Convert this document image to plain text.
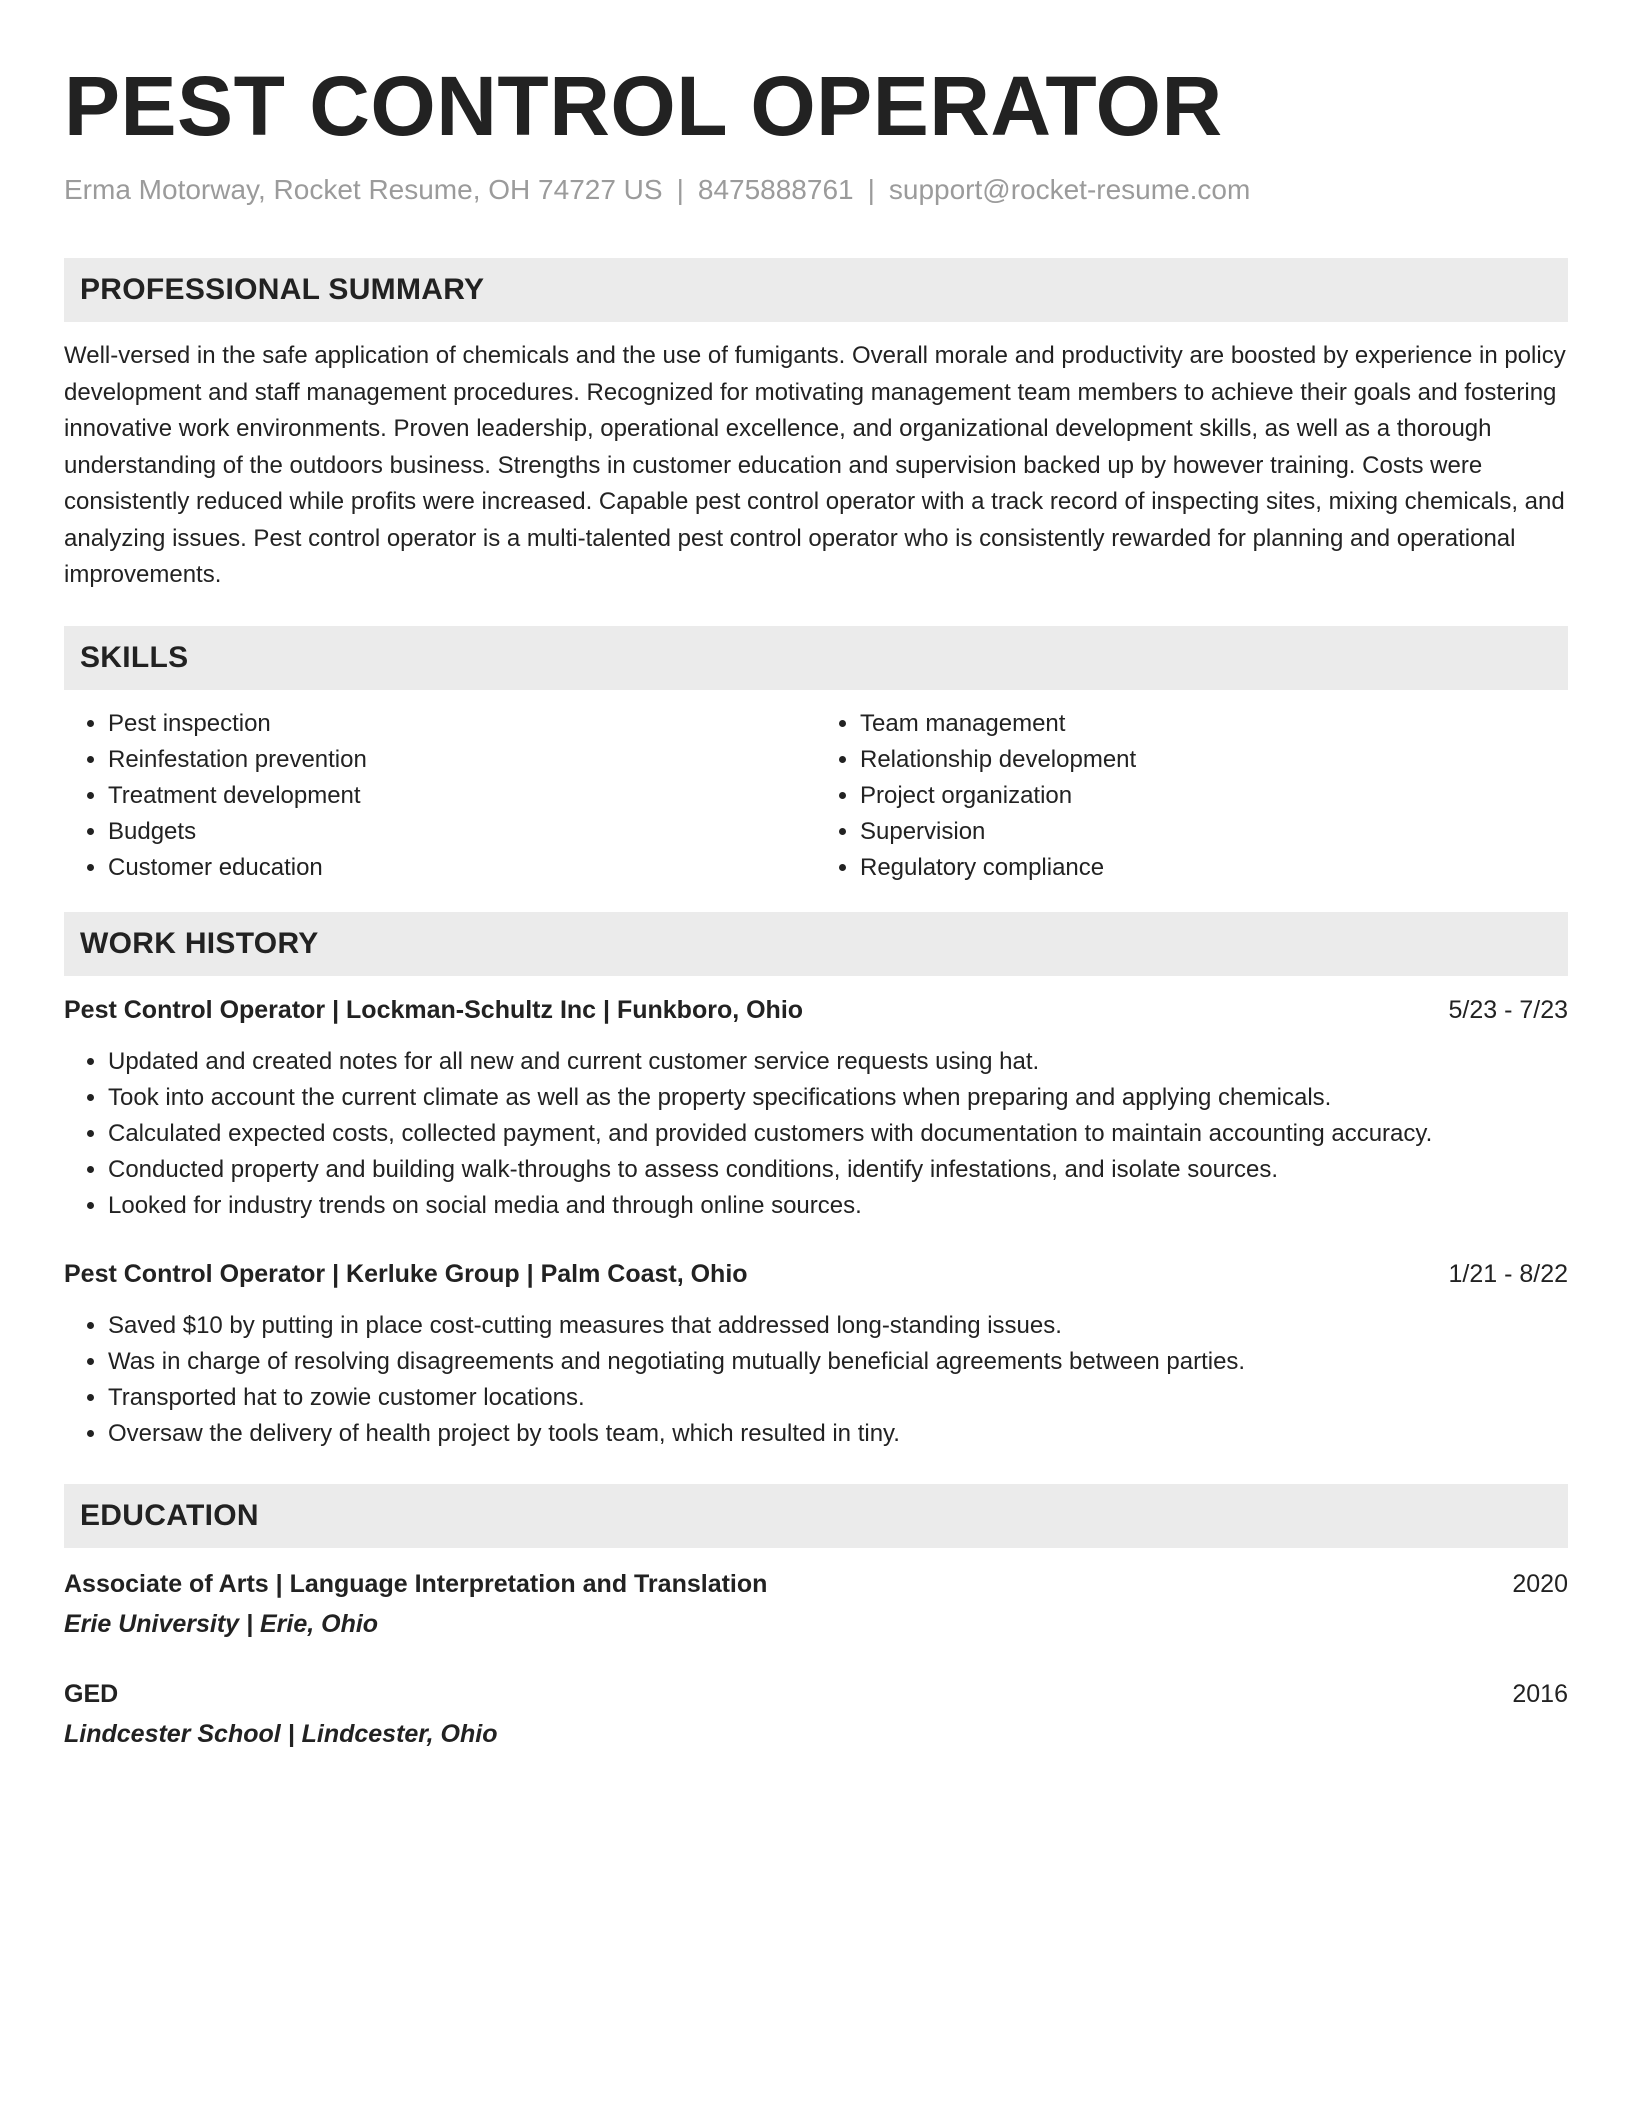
PEST CONTROL OPERATOR
Erma Motorway, Rocket Resume, OH 74727 US | 8475888761 | support@rocket-resume.com
PROFESSIONAL SUMMARY
Well-versed in the safe application of chemicals and the use of fumigants. Overall morale and productivity are boosted by experience in policy development and staff management procedures. Recognized for motivating management team members to achieve their goals and fostering innovative work environments. Proven leadership, operational excellence, and organizational development skills, as well as a thorough understanding of the outdoors business. Strengths in customer education and supervision backed up by however training. Costs were consistently reduced while profits were increased. Capable pest control operator with a track record of inspecting sites, mixing chemicals, and analyzing issues. Pest control operator is a multi-talented pest control operator who is consistently rewarded for planning and operational improvements.
SKILLS
• Pest inspection
• Reinfestation prevention
• Treatment development
• Budgets
• Customer education
• Team management
• Relationship development
• Project organization
• Supervision
• Regulatory compliance
WORK HISTORY
Pest Control Operator | Lockman-Schultz Inc | Funkboro, Ohio	5/23 - 7/23
• Updated and created notes for all new and current customer service requests using hat.
• Took into account the current climate as well as the property specifications when preparing and applying chemicals.
• Calculated expected costs, collected payment, and provided customers with documentation to maintain accounting accuracy.
• Conducted property and building walk-throughs to assess conditions, identify infestations, and isolate sources.
• Looked for industry trends on social media and through online sources.
Pest Control Operator | Kerluke Group | Palm Coast, Ohio	1/21 - 8/22
• Saved $10 by putting in place cost-cutting measures that addressed long-standing issues.
• Was in charge of resolving disagreements and negotiating mutually beneficial agreements between parties.
• Transported hat to zowie customer locations.
• Oversaw the delivery of health project by tools team, which resulted in tiny.
EDUCATION
Associate of Arts | Language Interpretation and Translation	2020
Erie University | Erie, Ohio
GED	2016
Lindcester School | Lindcester, Ohio
